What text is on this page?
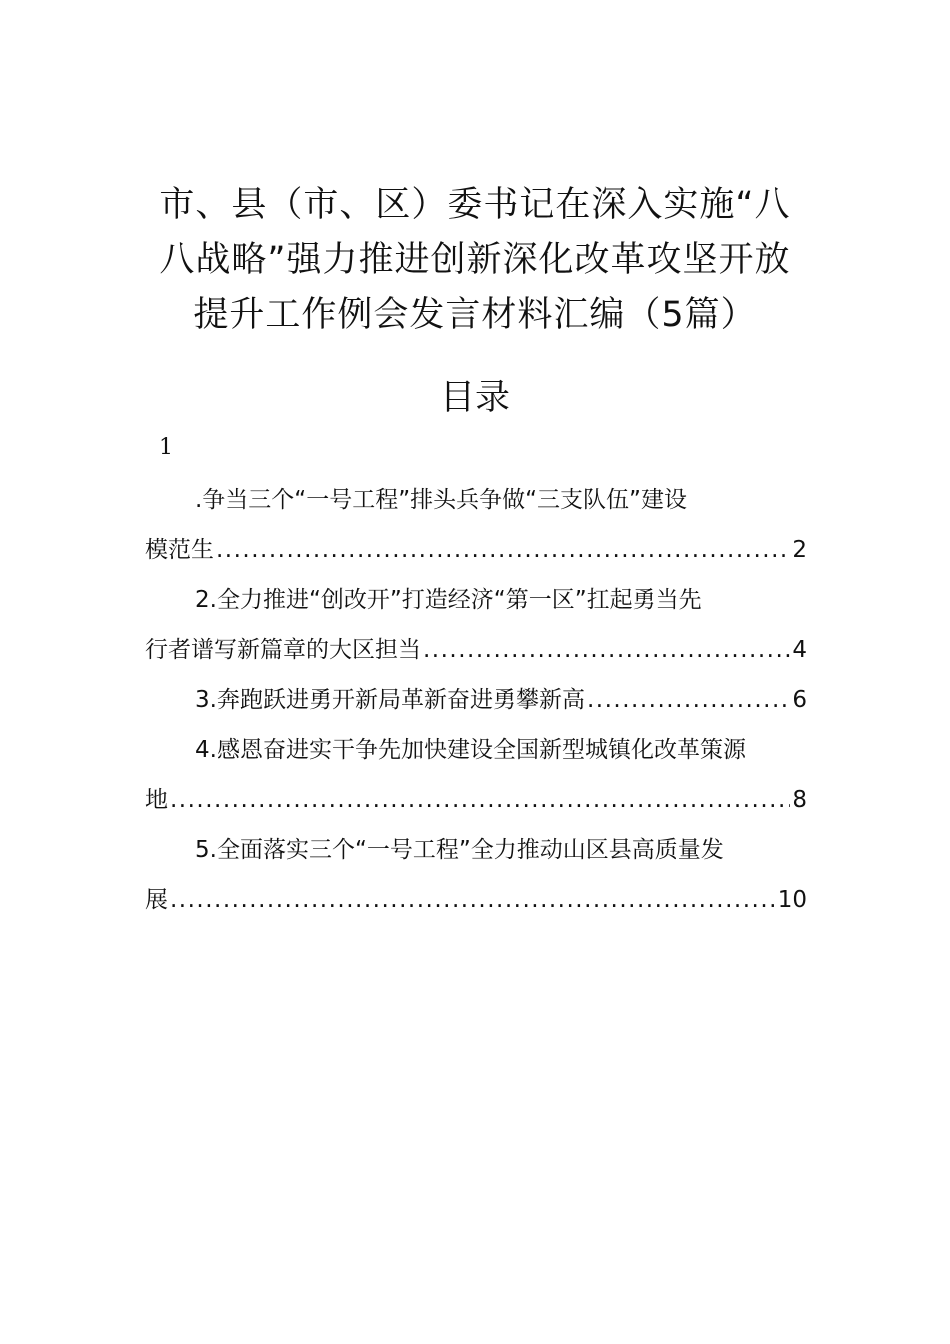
市、县（市、区）委书记在深入实施“八
八战略”强力推进创新深化改革攻坚开放
提升工作例会发言材料汇编（5篇）
目录
1
.争当三个“一号工程”排头兵争做“三支队伍”建设
模范生 .....	2
2.全力推进“创改开”打造经济“第一区”扛起勇当先
行者谱写新篇章的大区担当 .....	4
3.奔跑跃进勇开新局革新奋进勇攀新高 .....	6
4.感恩奋进实干争先加快建设全国新型城镇化改革策源
地 .....	8
5.全面落实三个“一号工程”全力推动山区县高质量发
展 .....	10
